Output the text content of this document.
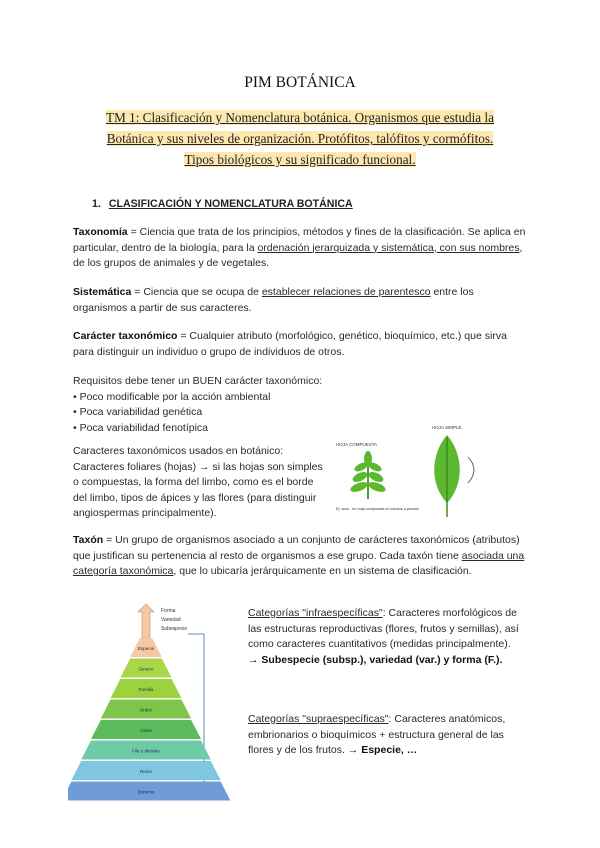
PIM BOTÁNICA
TM 1: Clasificación y Nomenclatura botánica. Organismos que estudia la
Botánica y sus niveles de organización. Protófitos, talófitos y cormófitos.
Tipos biológicos y su significado funcional.
1. CLASIFICACIÓN Y NOMENCLATURA BOTÁNICA
Taxonomía = Ciencia que trata de los principios, métodos y fines de la clasificación. Se aplica en particular, dentro de la biología, para la ordenación jerarquizada y sistemática, con sus nombres, de los grupos de animales y de vegetales.
Sistemática = Ciencia que se ocupa de establecer relaciones de parentesco entre los organismos a partir de sus caracteres.
Carácter taxonómico = Cualquier atributo (morfológico, genético, bioquímico, etc.) que sirva para distinguir un individuo o grupo de individuos de otros.
Requisitos debe tener un BUEN carácter taxonómico:
• Poco modificable por la acción ambiental
• Poca variabilidad genética
• Poca variabilidad fenotípica
Caracteres taxonómicos usados en botánico: Caracteres foliares (hojas) → si las hojas son simples o compuestas, la forma del limbo, como es el borde del limbo, tipos de ápices y las flores (para distinguir angiospermas principalmente).
HOJA COMPUESTA
HOJA SIMPLE
Ej: arce - en hoja compuesta en lóbulos a pecíolo
Taxón = Un grupo de organismos asociado a un conjunto de carácteres taxonómicos (atributos) que justifican su pertenencia al resto de organismos a ese grupo. Cada taxón tiene asociada una categoría taxonómica, que lo ubicaría jerárquicamente en un sistema de clasificación.
Forma
Variedad
Subespecie
Especie
Genero
Familia
Orden
Clase
Filo o división
Reino
Dominio
Categorías "infraespecíficas": Caracteres morfológicos de las estructuras reproductivas (flores, frutos y semillas), así como caracteres cuantitativos (medidas principalmente).
→ Subespecie (subsp.), variedad (var.) y forma (F.).
Categorías "supraespecíficas": Caracteres anatómicos, embrionarios o bioquímicos + estructura general de las flores y de los frutos. → Especie, …
